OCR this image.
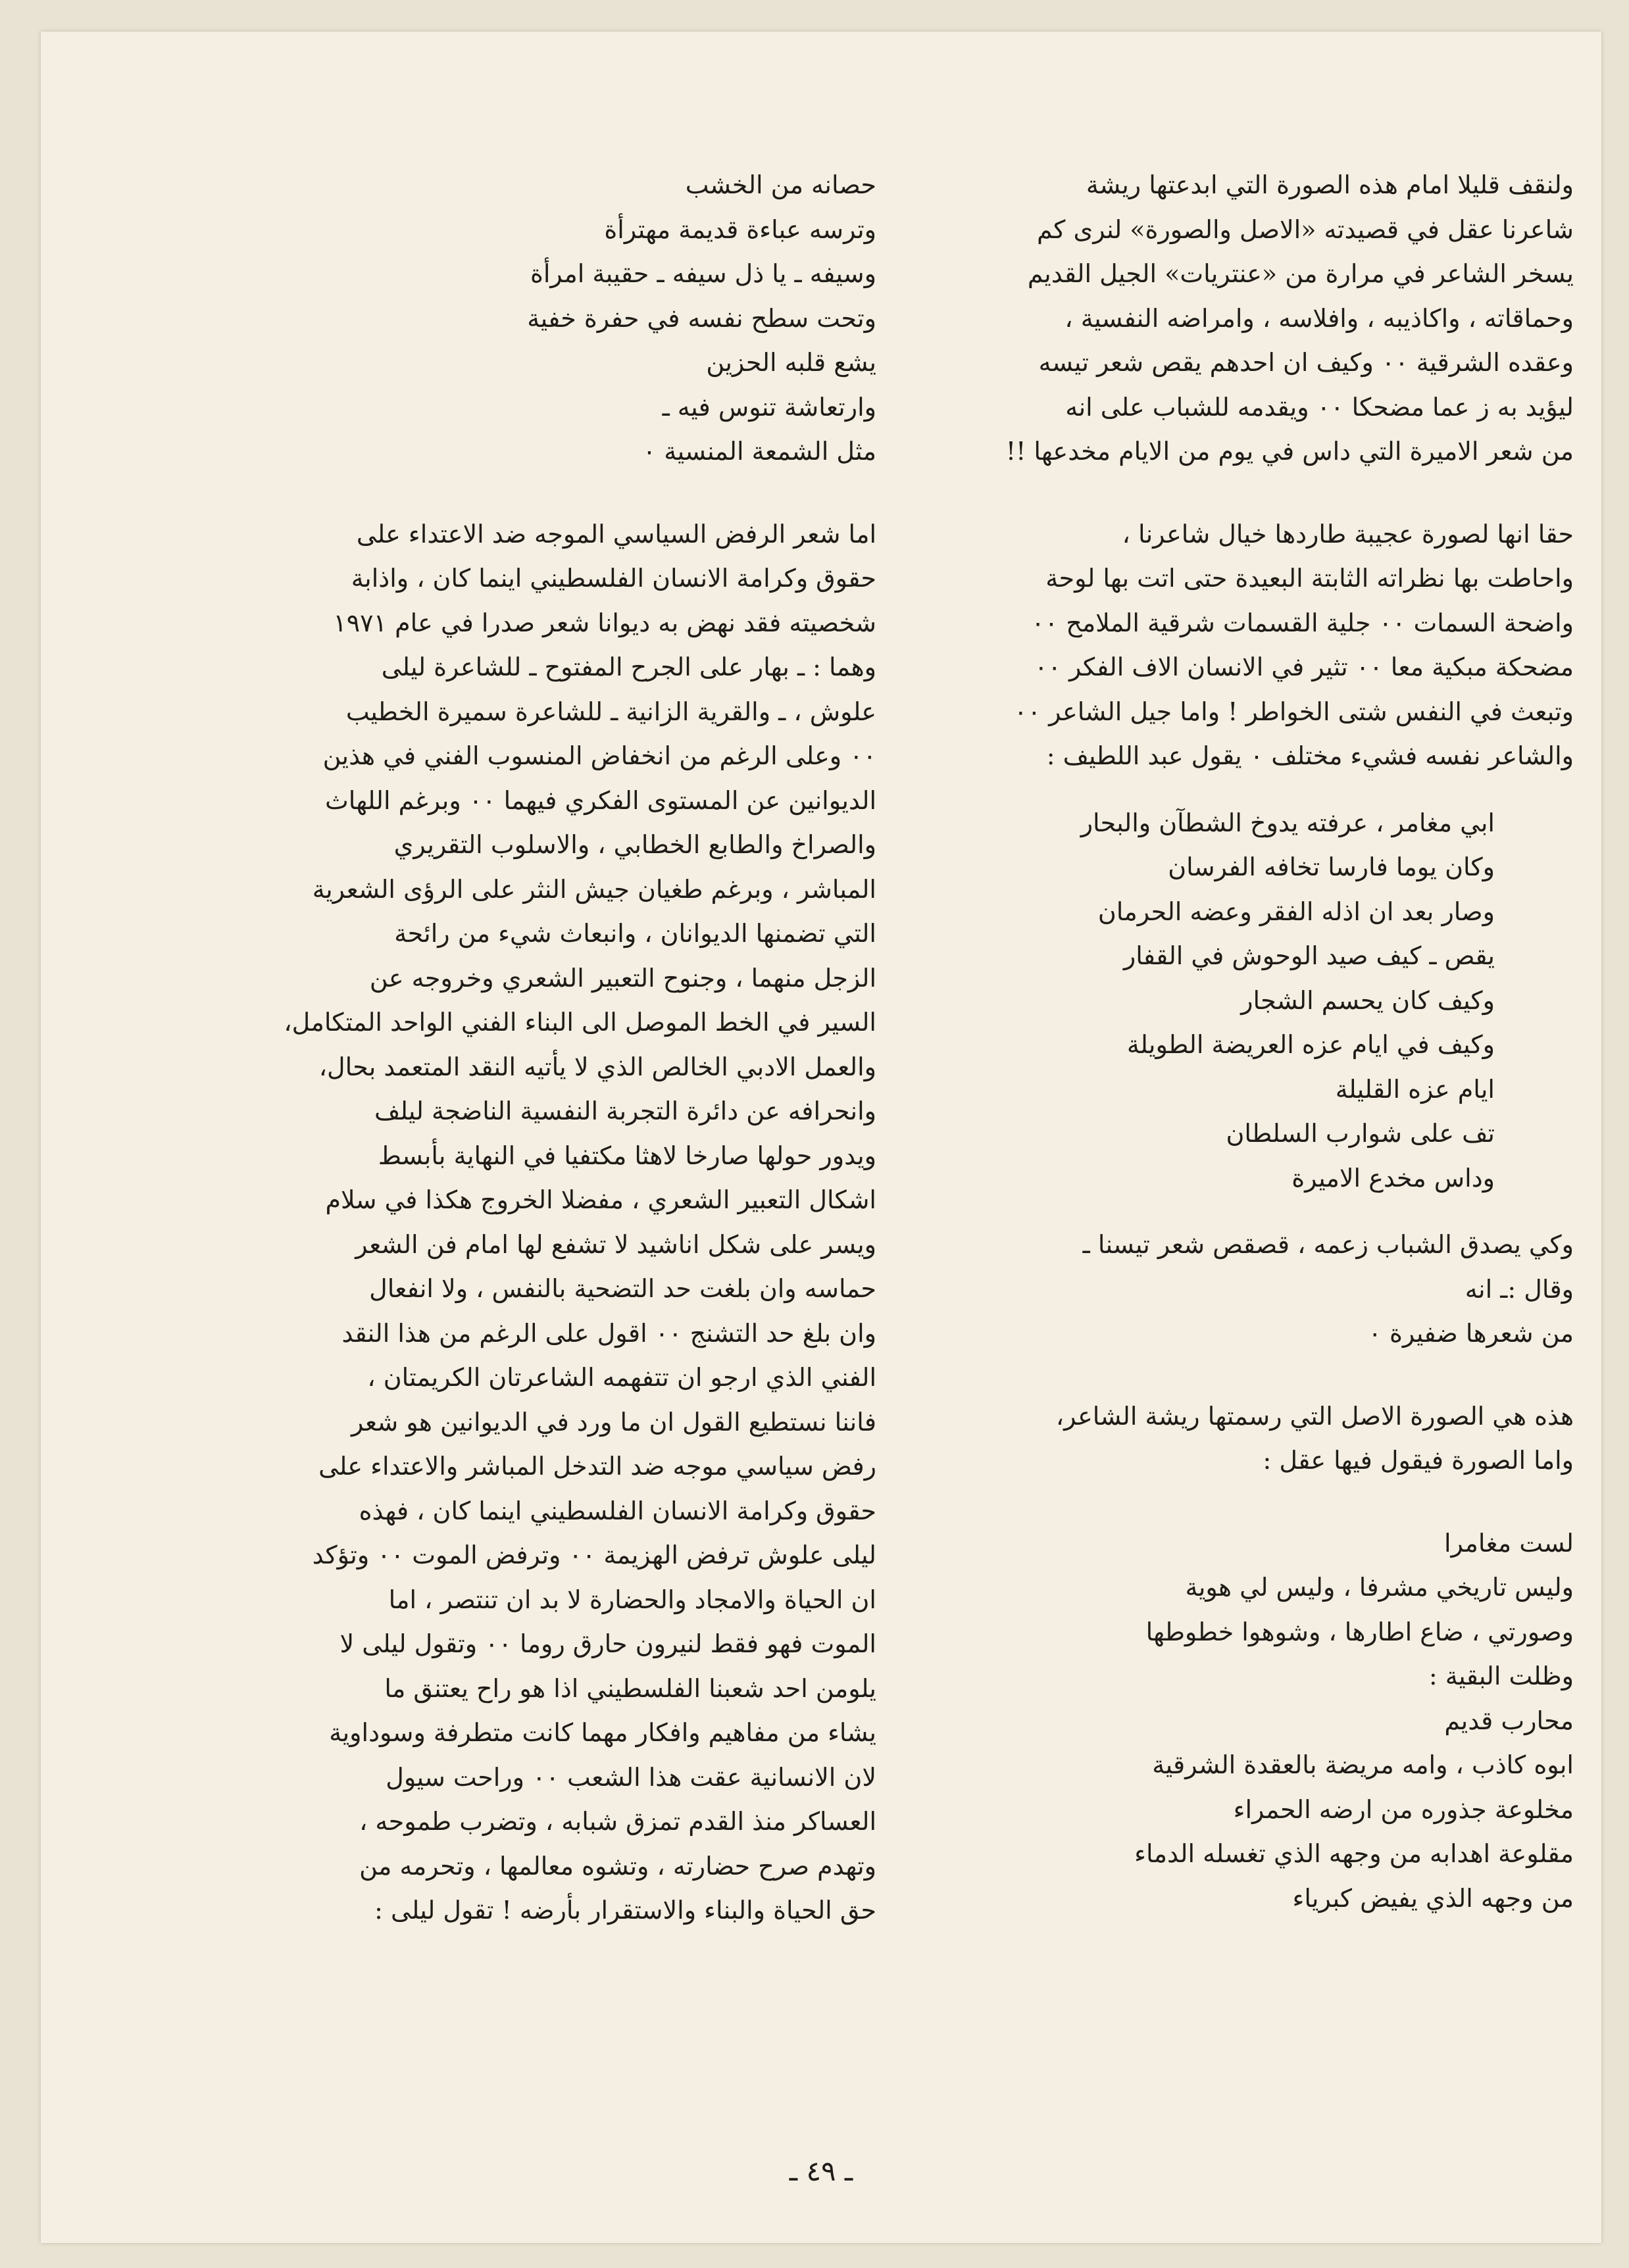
ولنقف قليلا امام هذه الصورة التي ابدعتها ريشة
شاعرنا عقل في قصيدته «الاصل والصورة» لنرى كم
يسخر الشاعر في مرارة من «عنتريات» الجيل القديم
وحماقاته ، واكاذيبه ، وافلاسه ، وامراضه النفسية ،
وعقده الشرقية ٠٠ وكيف ان احدهم يقص شعر تيسه
ليؤيد به ز عما مضحكا ٠٠ ويقدمه للشباب على انه
من شعر الاميرة التي داس في يوم من الايام مخدعها !!
حقا انها لصورة عجيبة طاردها خيال شاعرنا ،
واحاطت بها نظراته الثابتة البعيدة حتى اتت بها لوحة
واضحة السمات ٠٠ جلية القسمات شرقية الملامح ٠٠
مضحكة مبكية معا ٠٠ تثير في الانسان الاف الفكر ٠٠
وتبعث في النفس شتى الخواطر ! واما جيل الشاعر ٠٠
والشاعر نفسه فشيء مختلف ٠ يقول عبد اللطيف :
ابي مغامر ، عرفته يدوخ الشطآن والبحار
وكان يوما فارسا تخافه الفرسان
وصار بعد ان اذله الفقر وعضه الحرمان
يقص ـ كيف صيد الوحوش في القفار
وكيف كان يحسم الشجار
وكيف في ايام عزه العريضة الطويلة
ايام عزه القليلة
تف على شوارب السلطان
وداس مخدع الاميرة
وكي يصدق الشباب زعمه ، قصقص شعر تيسنا ـ
وقال :ـ انه
من شعرها ضفيرة ٠
هذه هي الصورة الاصل التي رسمتها ريشة الشاعر،
واما الصورة فيقول فيها عقل :
لست مغامرا
وليس تاريخي مشرفا ، وليس لي هوية
وصورتي ، ضاع اطارها ، وشوهوا خطوطها
وظلت البقية :
محارب قديم
ابوه كاذب ، وامه مريضة بالعقدة الشرقية
مخلوعة جذوره من ارضه الحمراء
مقلوعة اهدابه من وجهه الذي تغسله الدماء
من وجهه الذي يفيض كبرياء
حصانه من الخشب
وترسه عباءة قديمة مهترأة
وسيفه ـ يا ذل سيفه ـ حقيبة امرأة
وتحت سطح نفسه في حفرة خفية
يشع قلبه الحزين
وارتعاشة تنوس فيه ـ
مثل الشمعة المنسية ٠
اما شعر الرفض السياسي الموجه ضد الاعتداء على
حقوق وكرامة الانسان الفلسطيني اينما كان ، واذابة
شخصيته فقد نهض به ديوانا شعر صدرا في عام ١٩٧١
وهما : ـ بهار على الجرح المفتوح ـ للشاعرة ليلى
علوش ، ـ والقرية الزانية ـ للشاعرة سميرة الخطيب
٠٠ وعلى الرغم من انخفاض المنسوب الفني في هذين
الديوانين عن المستوى الفكري فيهما ٠٠ وبرغم اللهاث
والصراخ والطابع الخطابي ، والاسلوب التقريري
المباشر ، وبرغم طغيان جيش النثر على الرؤى الشعرية
التي تضمنها الديوانان ، وانبعاث شيء من رائحة
الزجل منهما ، وجنوح التعبير الشعري وخروجه عن
السير في الخط الموصل الى البناء الفني الواحد المتكامل،
والعمل الادبي الخالص الذي لا يأتيه النقد المتعمد بحال،
وانحرافه عن دائرة التجربة النفسية الناضجة ليلف
ويدور حولها صارخا لاهثا مكتفيا في النهاية بأبسط
اشكال التعبير الشعري ، مفضلا الخروج هكذا في سلام
ويسر على شكل اناشيد لا تشفع لها امام فن الشعر
حماسه وان بلغت حد التضحية بالنفس ، ولا انفعال
وان بلغ حد التشنج ٠٠ اقول على الرغم من هذا النقد
الفني الذي ارجو ان تتفهمه الشاعرتان الكريمتان ،
فاننا نستطيع القول ان ما ورد في الديوانين هو شعر
رفض سياسي موجه ضد التدخل المباشر والاعتداء على
حقوق وكرامة الانسان الفلسطيني اينما كان ، فهذه
ليلى علوش ترفض الهزيمة ٠٠ وترفض الموت ٠٠ وتؤكد
ان الحياة والامجاد والحضارة لا بد ان تنتصر ، اما
الموت فهو فقط لنيرون حارق روما ٠٠ وتقول ليلى لا
يلومن احد شعبنا الفلسطيني اذا هو راح يعتنق ما
يشاء من مفاهيم وافكار مهما كانت متطرفة وسوداوية
لان الانسانية عقت هذا الشعب ٠٠ وراحت سيول
العساكر منذ القدم تمزق شبابه ، وتضرب طموحه ،
وتهدم صرح حضارته ، وتشوه معالمها ، وتحرمه من
حق الحياة والبناء والاستقرار بأرضه ! تقول ليلى :
ـ ٤٩ ـ
